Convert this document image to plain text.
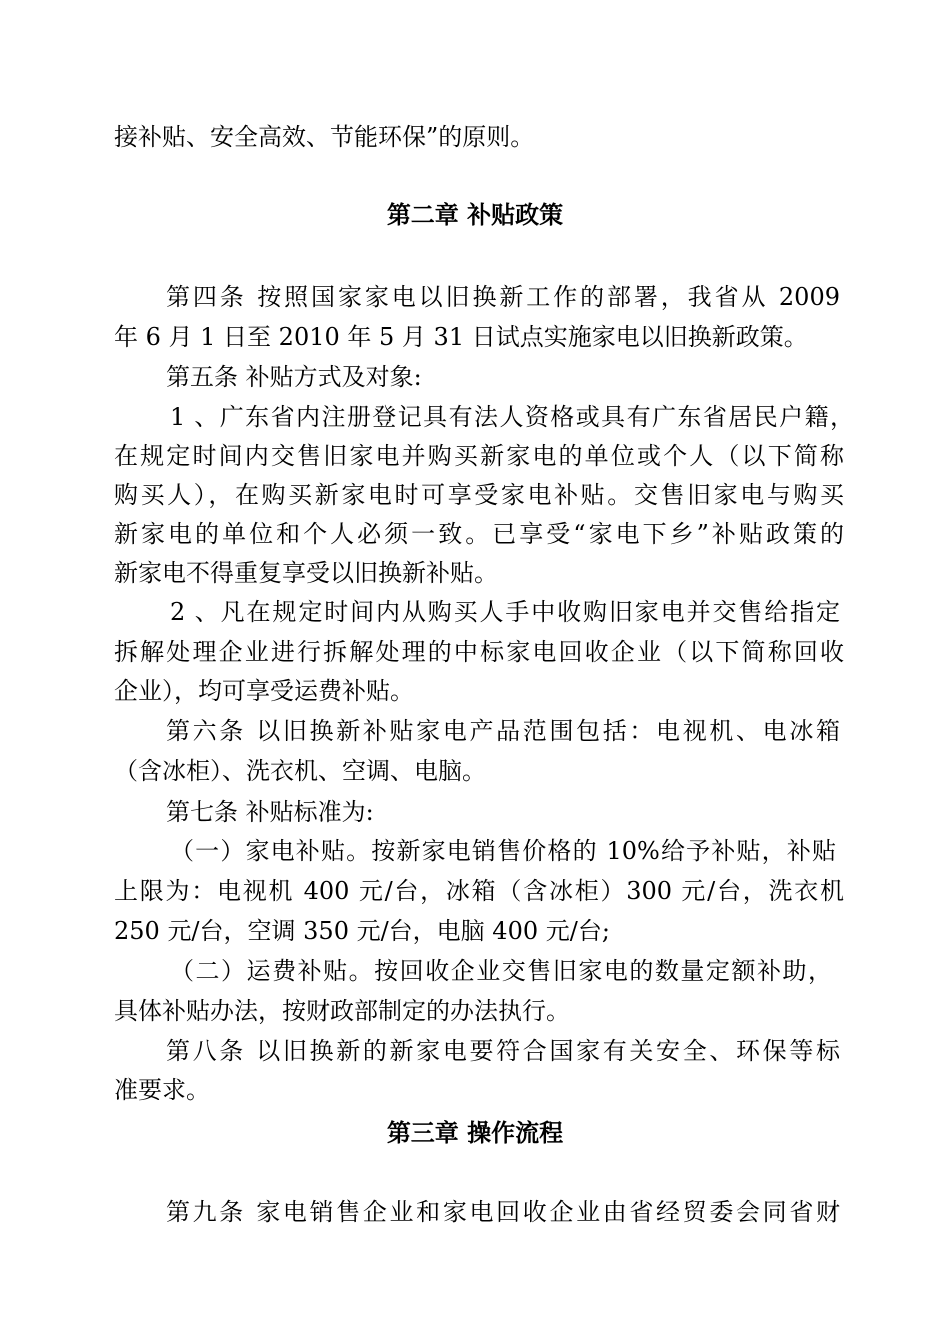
接补贴、安全高效、节能环保”的原则。
第二章 补贴政策
第四条 按照国家家电以旧换新工作的部署，我省从 2009
年 6 月 1 日至 2010 年 5 月 31 日试点实施家电以旧换新政策。
第五条 补贴方式及对象:
1 、广东省内注册登记具有法人资格或具有广东省居民户籍，
在规定时间内交售旧家电并购买新家电的单位或个人（以下简称
购买人），在购买新家电时可享受家电补贴。交售旧家电与购买
新家电的单位和个人必须一致。已享受“家电下乡”补贴政策的
新家电不得重复享受以旧换新补贴。
2 、凡在规定时间内从购买人手中收购旧家电并交售给指定
拆解处理企业进行拆解处理的中标家电回收企业（以下简称回收
企业），均可享受运费补贴。
第六条 以旧换新补贴家电产品范围包括：电视机、电冰箱
（含冰柜）、洗衣机、空调、电脑。
第七条 补贴标准为:
（一）家电补贴。按新家电销售价格的 10%给予补贴，补贴
上限为：电视机 400 元/台，冰箱（含冰柜）300 元/台，洗衣机
250 元/台，空调 350 元/台，电脑 400 元/台;
（二）运费补贴。按回收企业交售旧家电的数量定额补助，
具体补贴办法，按财政部制定的办法执行。
第八条 以旧换新的新家电要符合国家有关安全、环保等标
准要求。
第三章 操作流程
第九条 家电销售企业和家电回收企业由省经贸委会同省财
